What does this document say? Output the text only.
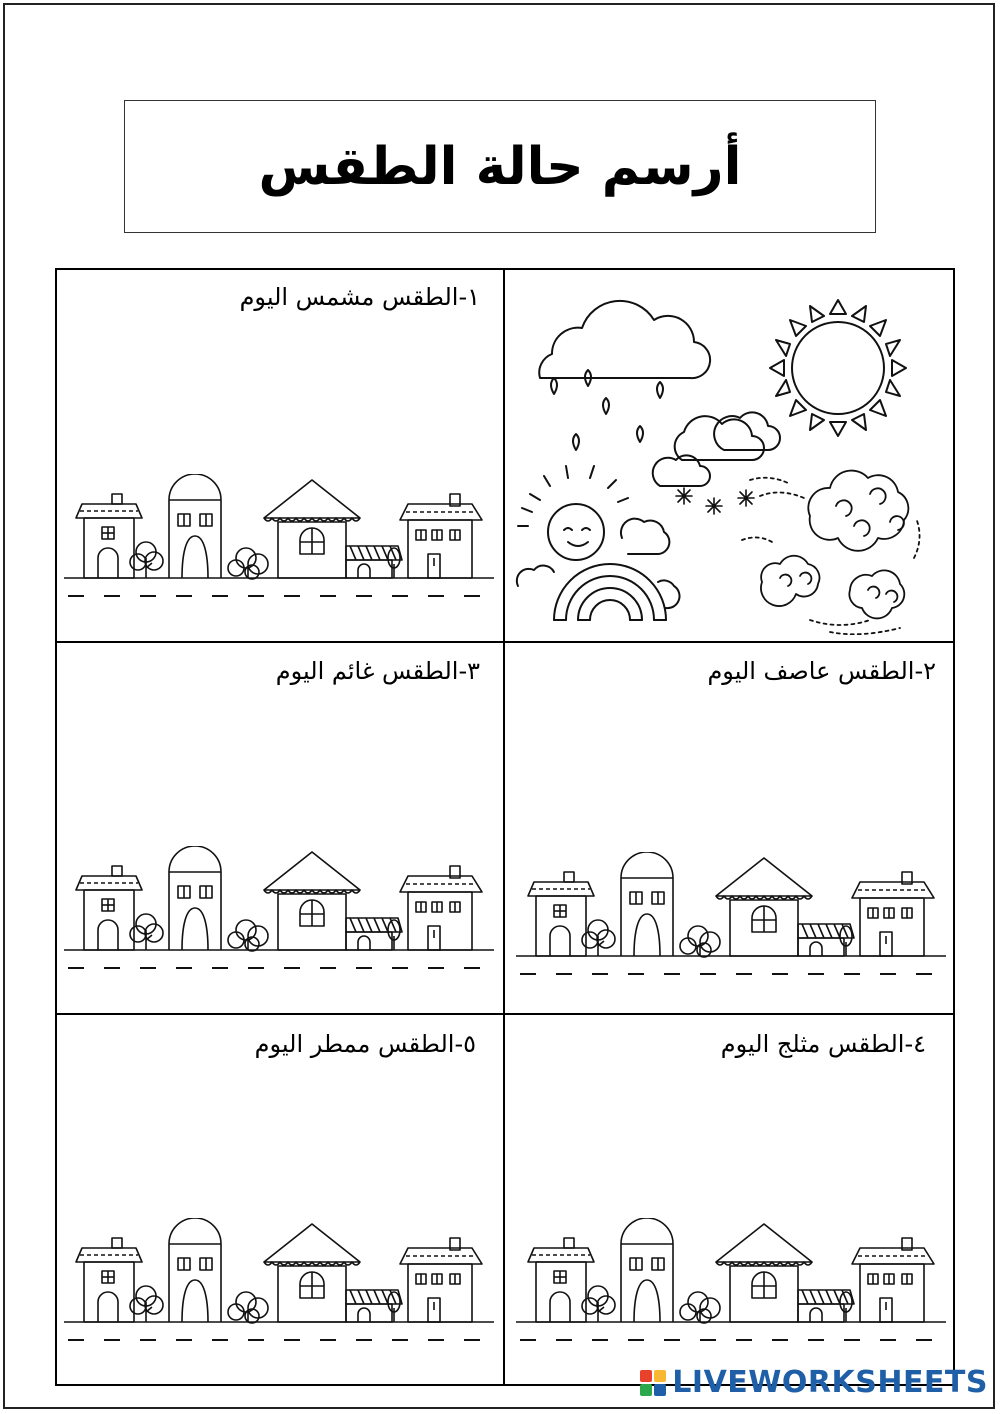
أرسم حالة الطقس
١-الطقس مشمس اليوم
٢-الطقس عاصف اليوم
٣-الطقس غائم اليوم
٤-الطقس مثلج اليوم
٥-الطقس ممطر اليوم
LIVEWORKSHEETS
